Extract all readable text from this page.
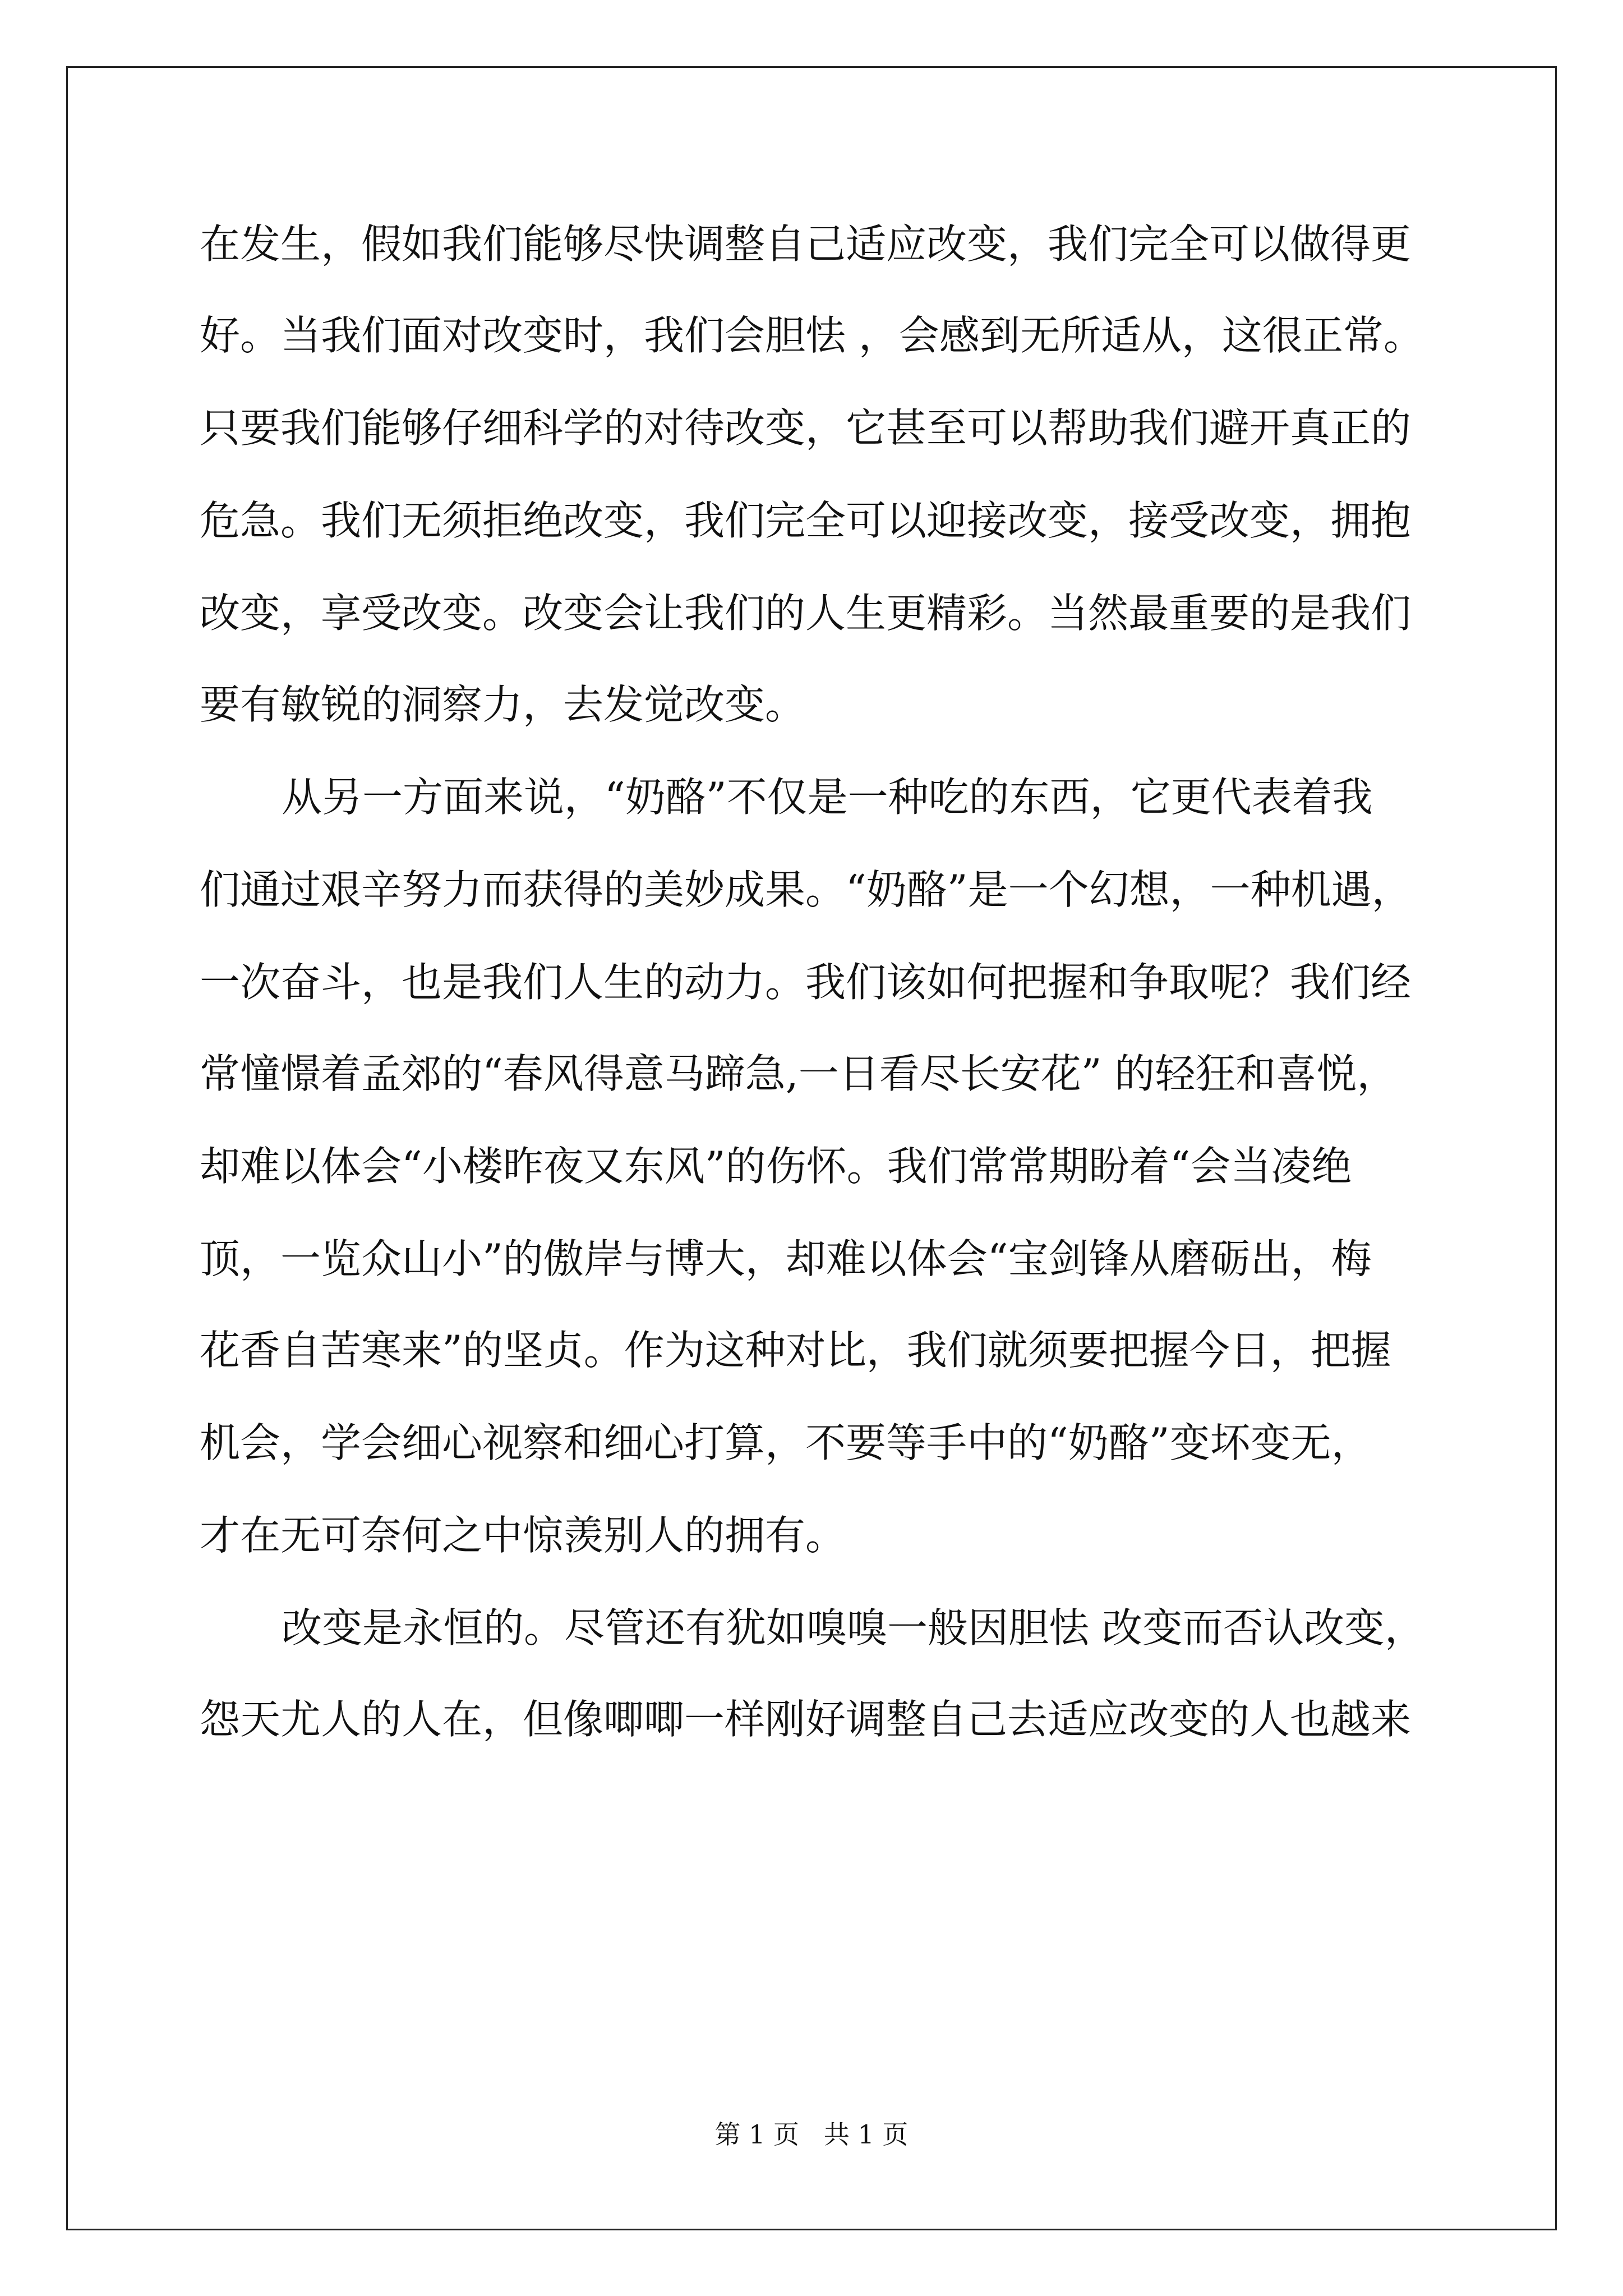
在发生，假如我们能够尽快调整自己适应改变，我们完全可以做得更
好。当我们面对改变时，我们会胆怯 ，会感到无所适从，这很正常。
只要我们能够仔细科学的对待改变，它甚至可以帮助我们避开真正的
危急。我们无须拒绝改变，我们完全可以迎接改变，接受改变，拥抱
改变，享受改变。改变会让我们的人生更精彩。当然最重要的是我们
要有敏锐的洞察力，去发觉改变。
从另一方面来说，“奶酪”不仅是一种吃的东西，它更代表着我
们通过艰辛努力而获得的美妙成果。“奶酪”是一个幻想，一种机遇，
一次奋斗，也是我们人生的动力。我们该如何把握和争取呢？我们经
常憧憬着孟郊的“春风得意马蹄急,一日看尽长安花” 的轻狂和喜悦，
却难以体会“小楼昨夜又东风”的伤怀。我们常常期盼着“会当凌绝
顶，一览众山小”的傲岸与博大，却难以体会“宝剑锋从磨砺出，梅
花香自苦寒来”的坚贞。作为这种对比，我们就须要把握今日，把握
机会，学会细心视察和细心打算，不要等手中的“奶酪”变坏变无，
才在无可奈何之中惊羡别人的拥有。
改变是永恒的。尽管还有犹如嗅嗅一般因胆怯 改变而否认改变，
怨天尤人的人在，但像唧唧一样刚好调整自己去适应改变的人也越来
第 1 页   共 1 页
